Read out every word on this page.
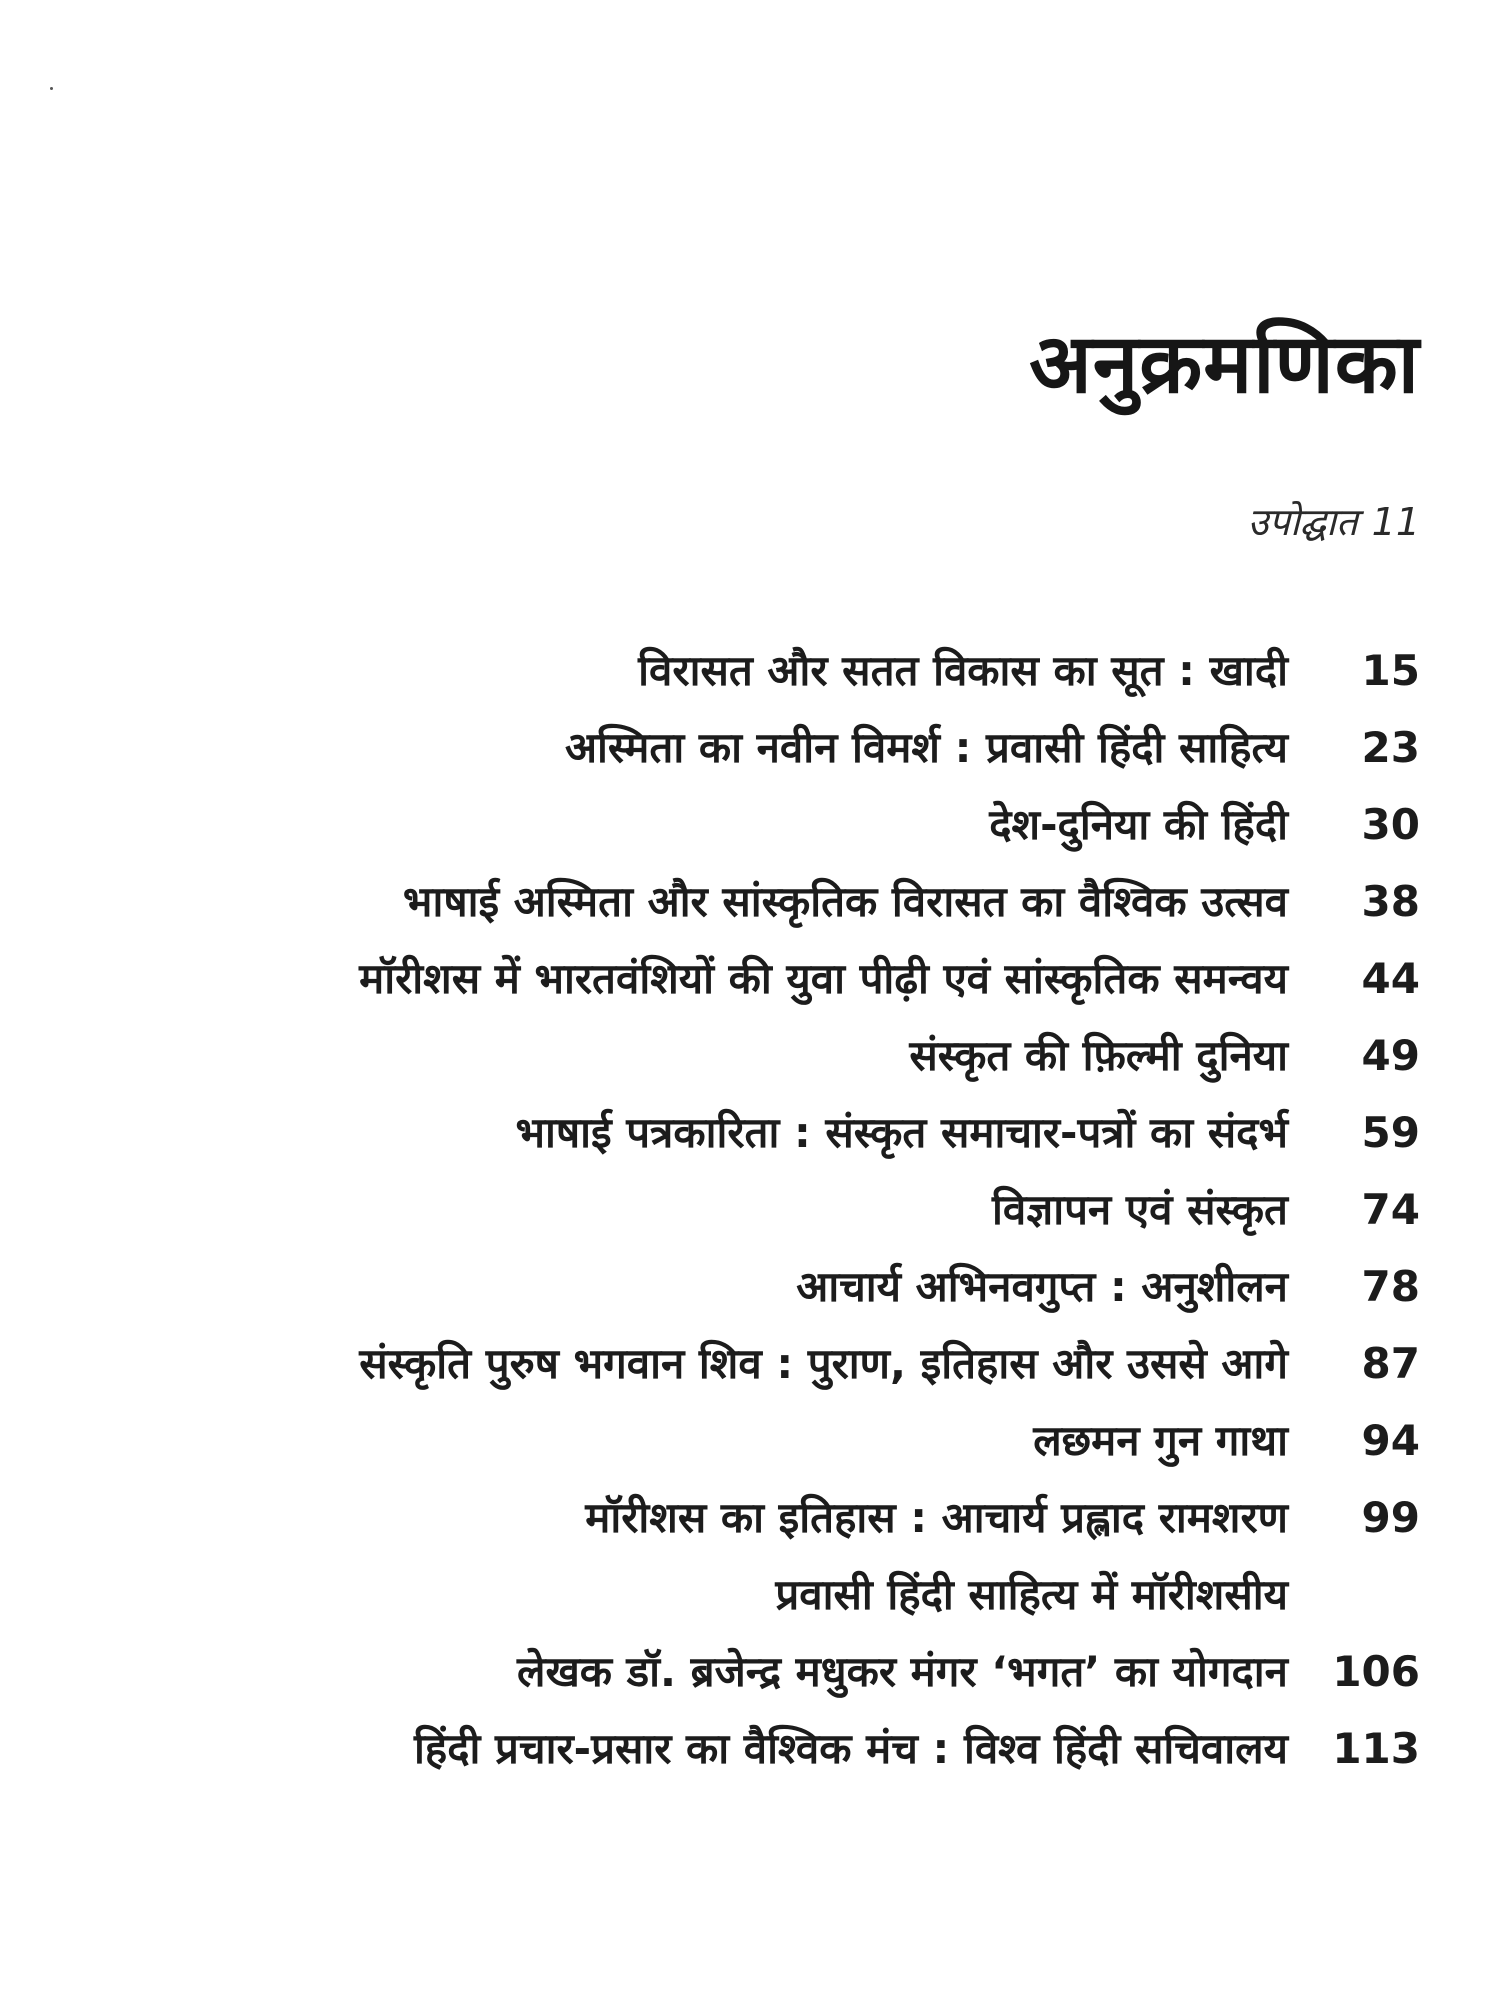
अनुक्रमणिका
उपोद्घात 11
विरासत और सतत विकास का सूत : खादी 15
अस्मिता का नवीन विमर्श : प्रवासी हिंदी साहित्य 23
देश-दुनिया की हिंदी 30
भाषाई अस्मिता और सांस्कृतिक विरासत का वैश्विक उत्सव 38
मॉरीशस में भारतवंशियों की युवा पीढ़ी एवं सांस्कृतिक समन्वय 44
संस्कृत की फ़िल्मी दुनिया 49
भाषाई पत्रकारिता : संस्कृत समाचार-पत्रों का संदर्भ 59
विज्ञापन एवं संस्कृत 74
आचार्य अभिनवगुप्त : अनुशीलन 78
संस्कृति पुरुष भगवान शिव : पुराण, इतिहास और उससे आगे 87
लछमन गुन गाथा 94
मॉरीशस का इतिहास : आचार्य प्रह्लाद रामशरण 99
प्रवासी हिंदी साहित्य में मॉरीशसीय
लेखक डॉ. ब्रजेन्द्र मधुकर मंगर ‘भगत’ का योगदान 106
हिंदी प्रचार-प्रसार का वैश्विक मंच : विश्व हिंदी सचिवालय 113
